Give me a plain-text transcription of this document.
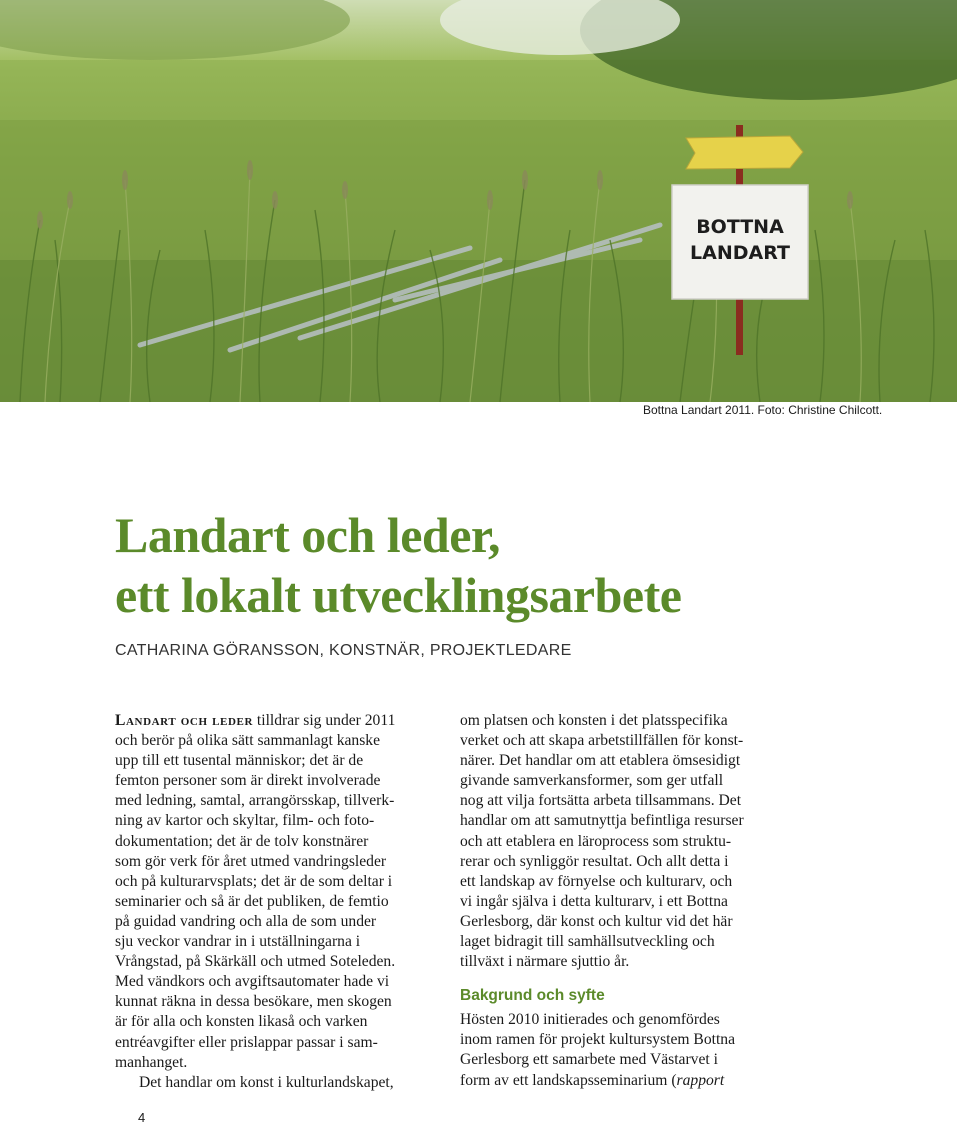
BOTTNA
LANDART
Bottna Landart 2011. Foto: Christine Chilcott.
Landart och leder,
ett lokalt utvecklingsarbete
CATHARINA GÖRANSSON, KONSTNÄR, PROJEKTLEDARE
Landart och leder tilldrar sig under 2011
och berör på olika sätt sammanlagt kanske
upp till ett tusental människor; det är de
femton personer som är direkt involverade
med ledning, samtal, arrangörsskap, tillverk-
ning av kartor och skyltar, film- och foto-
dokumentation; det är de tolv konstnärer
som gör verk för året utmed vandringsleder
och på kulturarvsplats; det är de som deltar i
seminarier och så är det publiken, de femtio
på guidad vandring och alla de som under
sju veckor vandrar in i utställningarna i
Vrångstad, på Skärkäll och utmed Soteleden.
Med vändkors och avgiftsautomater hade vi
kunnat räkna in dessa besökare, men skogen
är för alla och konsten likaså och varken
entréavgifter eller prislappar passar i sam-
manhanget.
Det handlar om konst i kulturlandskapet,
om platsen och konsten i det platsspecifika
verket och att skapa arbetstillfällen för konst-
närer. Det handlar om att etablera ömsesidigt
givande samverkansformer, som ger utfall
nog att vilja fortsätta arbeta tillsammans. Det
handlar om att samutnyttja befintliga resurser
och att etablera en läroprocess som struktu-
rerar och synliggör resultat. Och allt detta i
ett landskap av förnyelse och kulturarv, och
vi ingår själva i detta kulturarv, i ett Bottna
Gerlesborg, där konst och kultur vid det här
laget bidragit till samhällsutveckling och
tillväxt i närmare sjuttio år.
Bakgrund och syfte
Hösten 2010 initierades och genomfördes
inom ramen för projekt kultursystem Bottna
Gerlesborg ett samarbete med Västarvet i
form av ett landskapsseminarium (rapport
4
